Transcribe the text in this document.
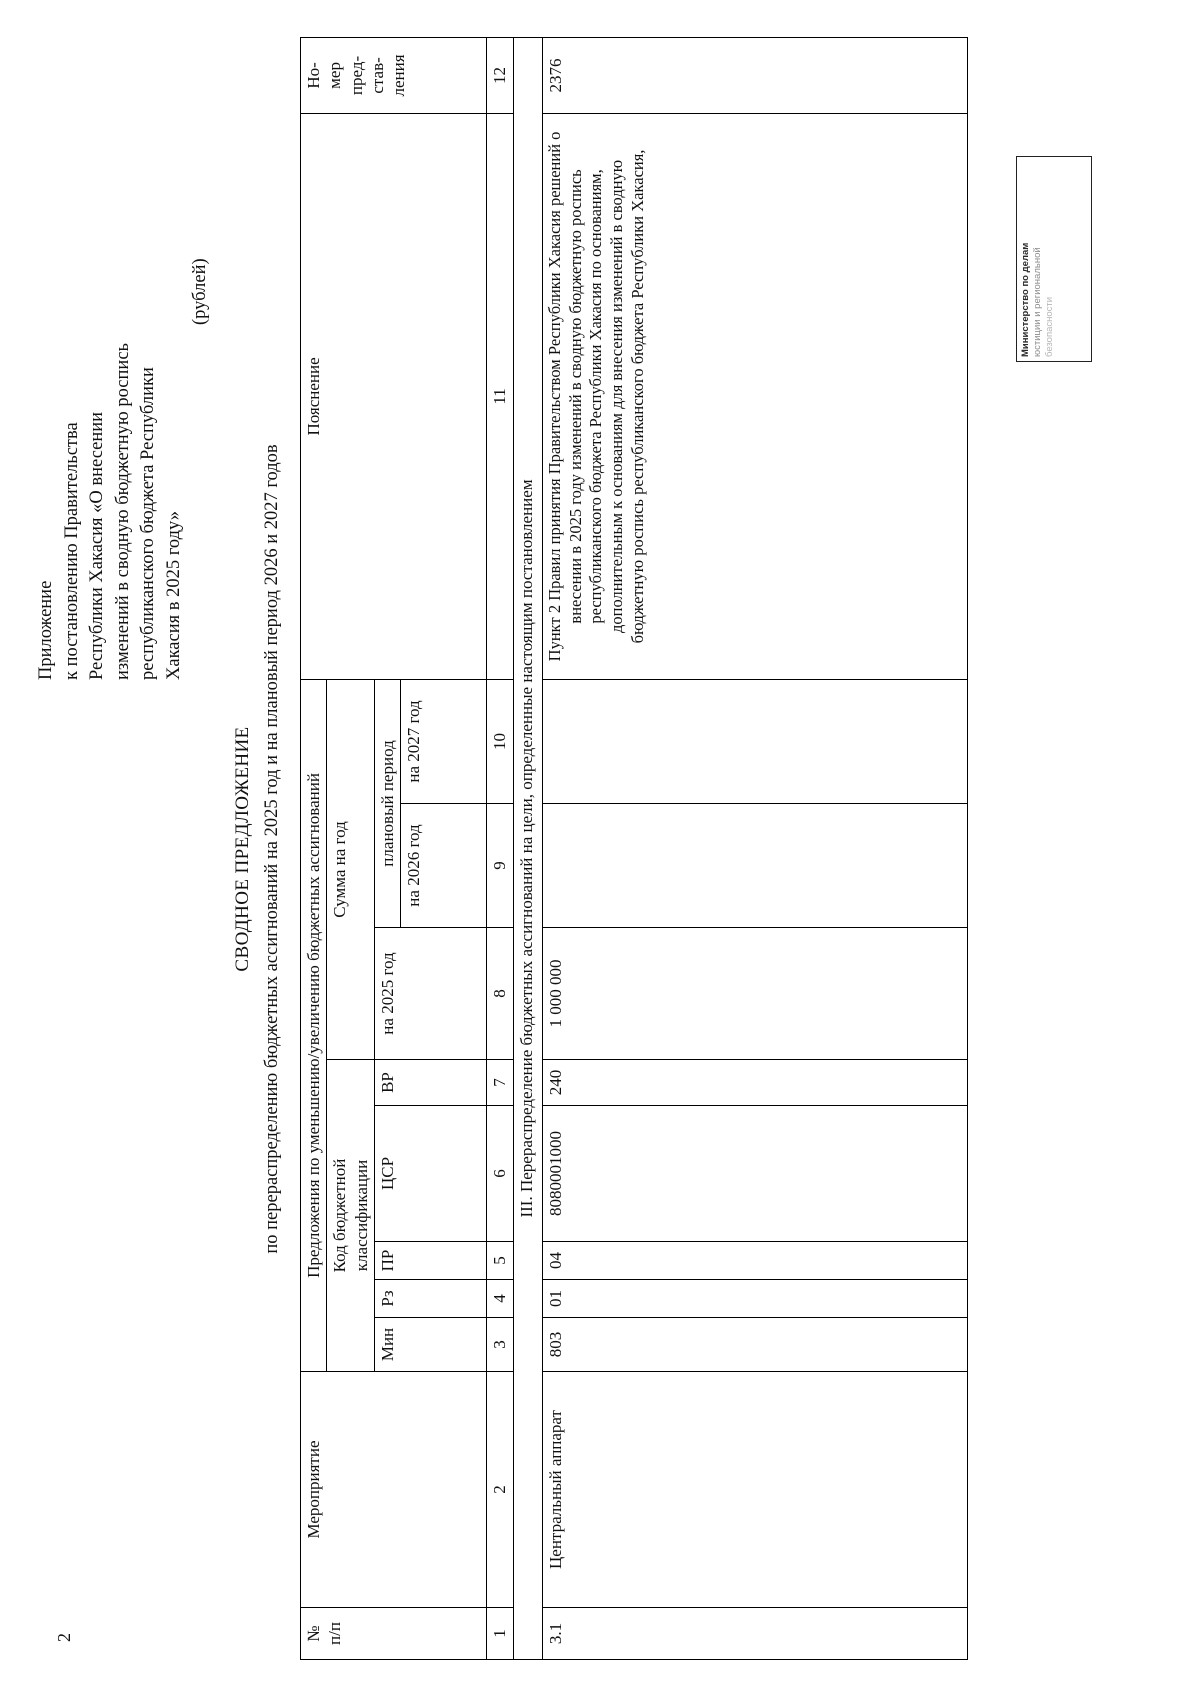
2
Приложение к постановлению Правительства Республики Хакасия «О внесении изменений в сводную бюджетную роспись республиканского бюджета Республики Хакасия в 2025 году»
(рублей)
СВОДНОЕ ПРЕДЛОЖЕНИЕ по перераспределению бюджетных ассигнований на 2025 год и на плановый период 2026 и 2027 годов
№ п/п	Мероприятие	Предложения по уменьшению/увеличению бюджетных ассигнований								Пояснение	Но- мер пред- став- ления
		Код бюджетной классификации					Сумма на год				
		Мин	Рз	ПР	ЦСР	ВР	на 2025 год	плановый период			
								на 2026 год	на 2027 год		
1	2	3	4	5	6	7	8	9	10	11	12
III. Перераспределение бюджетных ассигнований на цели, определенные настоящим постановлением											
3.1	Центральный аппарат	803	01	04	8080001000	240	1 000 000			Пункт 2 Правил принятия Правительством Республики Хакасия решений о внесении в 2025 году изменений в сводную бюджетную роспись республиканского бюджета Республики Хакасия по основаниям, дополнительным к основаниям для внесения изменений в сводную бюджетную роспись республиканского бюджета Республики Хакасия,	2376
Министерство по делам юстиции и региональной безопасности
